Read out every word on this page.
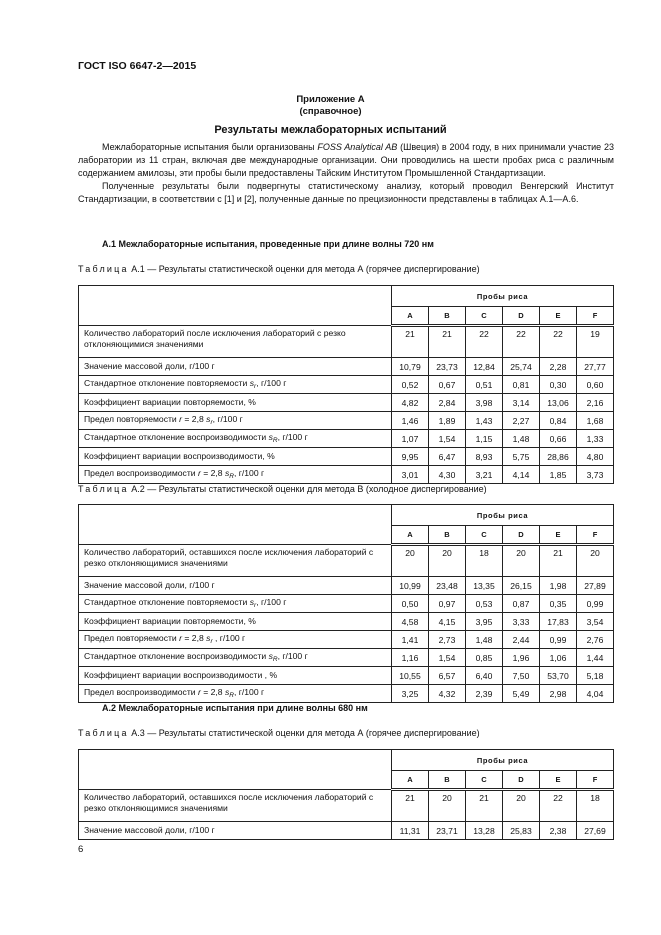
ГОСТ ISO 6647-2—2015
Приложение А
(справочное)
Результаты межлабораторных испытаний

Межлабораторные испытания были организованы FOSS Analytical AB (Швеция) в 2004 году, в них принимали участие 23 лаборатории из 11 стран, включая две международные организации. Они проводились на шести пробах риса с различным содержанием амилозы, эти пробы были предоставлены Тайским Институтом Промышленной Стандартизации.

Полученные результаты были подвергнуты статистическому анализу, который проводил Венгерский Институт Стандартизации, в соответствии с [1] и [2], полученные данные по прецизионности представлены в таблицах А.1—А.6.

А.1 Межлабораторные испытания, проведенные при длине волны 720 нм
Таблица А.1 — Результаты статистической оценки для метода А (горячее диспергирование)
	Пробы риса					
	A	B	C	D	E	F
Количество лабораторий после исключения лабораторий с резко отклоняющимися значениями	21	21	22	22	22	19
Значение массовой доли, г/100 г	10,79	23,73	12,84	25,74	2,28	27,77
Стандартное отклонение повторяемости $s_r$, г/100 г	0,52	0,67	0,51	0,81	0,30	0,60
Коэффициент вариации повторяемости, %	4,82	2,84	3,98	3,14	13,06	2,16
Предел повторяемости r = 2,8 $s_r$, г/100 г	1,46	1,89	1,43	2,27	0,84	1,68
Стандартное отклонение воспроизводимости $s_R$, г/100 г	1,07	1,54	1,15	1,48	0,66	1,33
Коэффициент вариации воспроизводимости, %	9,95	6,47	8,93	5,75	28,86	4,80
Предел воспроизводимости r = 2,8 $s_R$, г/100 г	3,01	4,30	3,21	4,14	1,85	3,73
Таблица А.2 — Результаты статистической оценки для метода В (холодное диспергирование)
	Пробы риса					
	A	B	C	D	E	F
Количество лабораторий, оставшихся после исключения лабораторий с резко отклоняющимися значениями	20	20	18	20	21	20
Значение массовой доли, г/100 г	10,99	23,48	13,35	26,15	1,98	27,89
Стандартное отклонение повторяемости $s_r$, г/100 г	0,50	0,97	0,53	0,87	0,35	0,99
Коэффициент вариации повторяемости, %	4,58	4,15	3,95	3,33	17,83	3,54
Предел повторяемости r = 2,8 $s_r$ , г/100 г	1,41	2,73	1,48	2,44	0,99	2,76
Стандартное отклонение воспроизводимости $s_R$, г/100 г	1,16	1,54	0,85	1,96	1,06	1,44
Коэффициент вариации воспроизводимости , %	10,55	6,57	6,40	7,50	53,70	5,18
Предел воспроизводимости r = 2,8 $s_R$, г/100 г	3,25	4,32	2,39	5,49	2,98	4,04
А.2 Межлабораторные испытания при длине волны 680 нм
Таблица А.3 — Результаты статистической оценки для метода А (горячее диспергирование)
	Пробы риса					
	A	B	C	D	E	F
Количество лабораторий, оставшихся после исключения лабораторий с резко отклоняющимися значениями	21	20	21	20	22	18
Значение массовой доли, г/100 г	11,31	23,71	13,28	25,83	2,38	27,69
6
